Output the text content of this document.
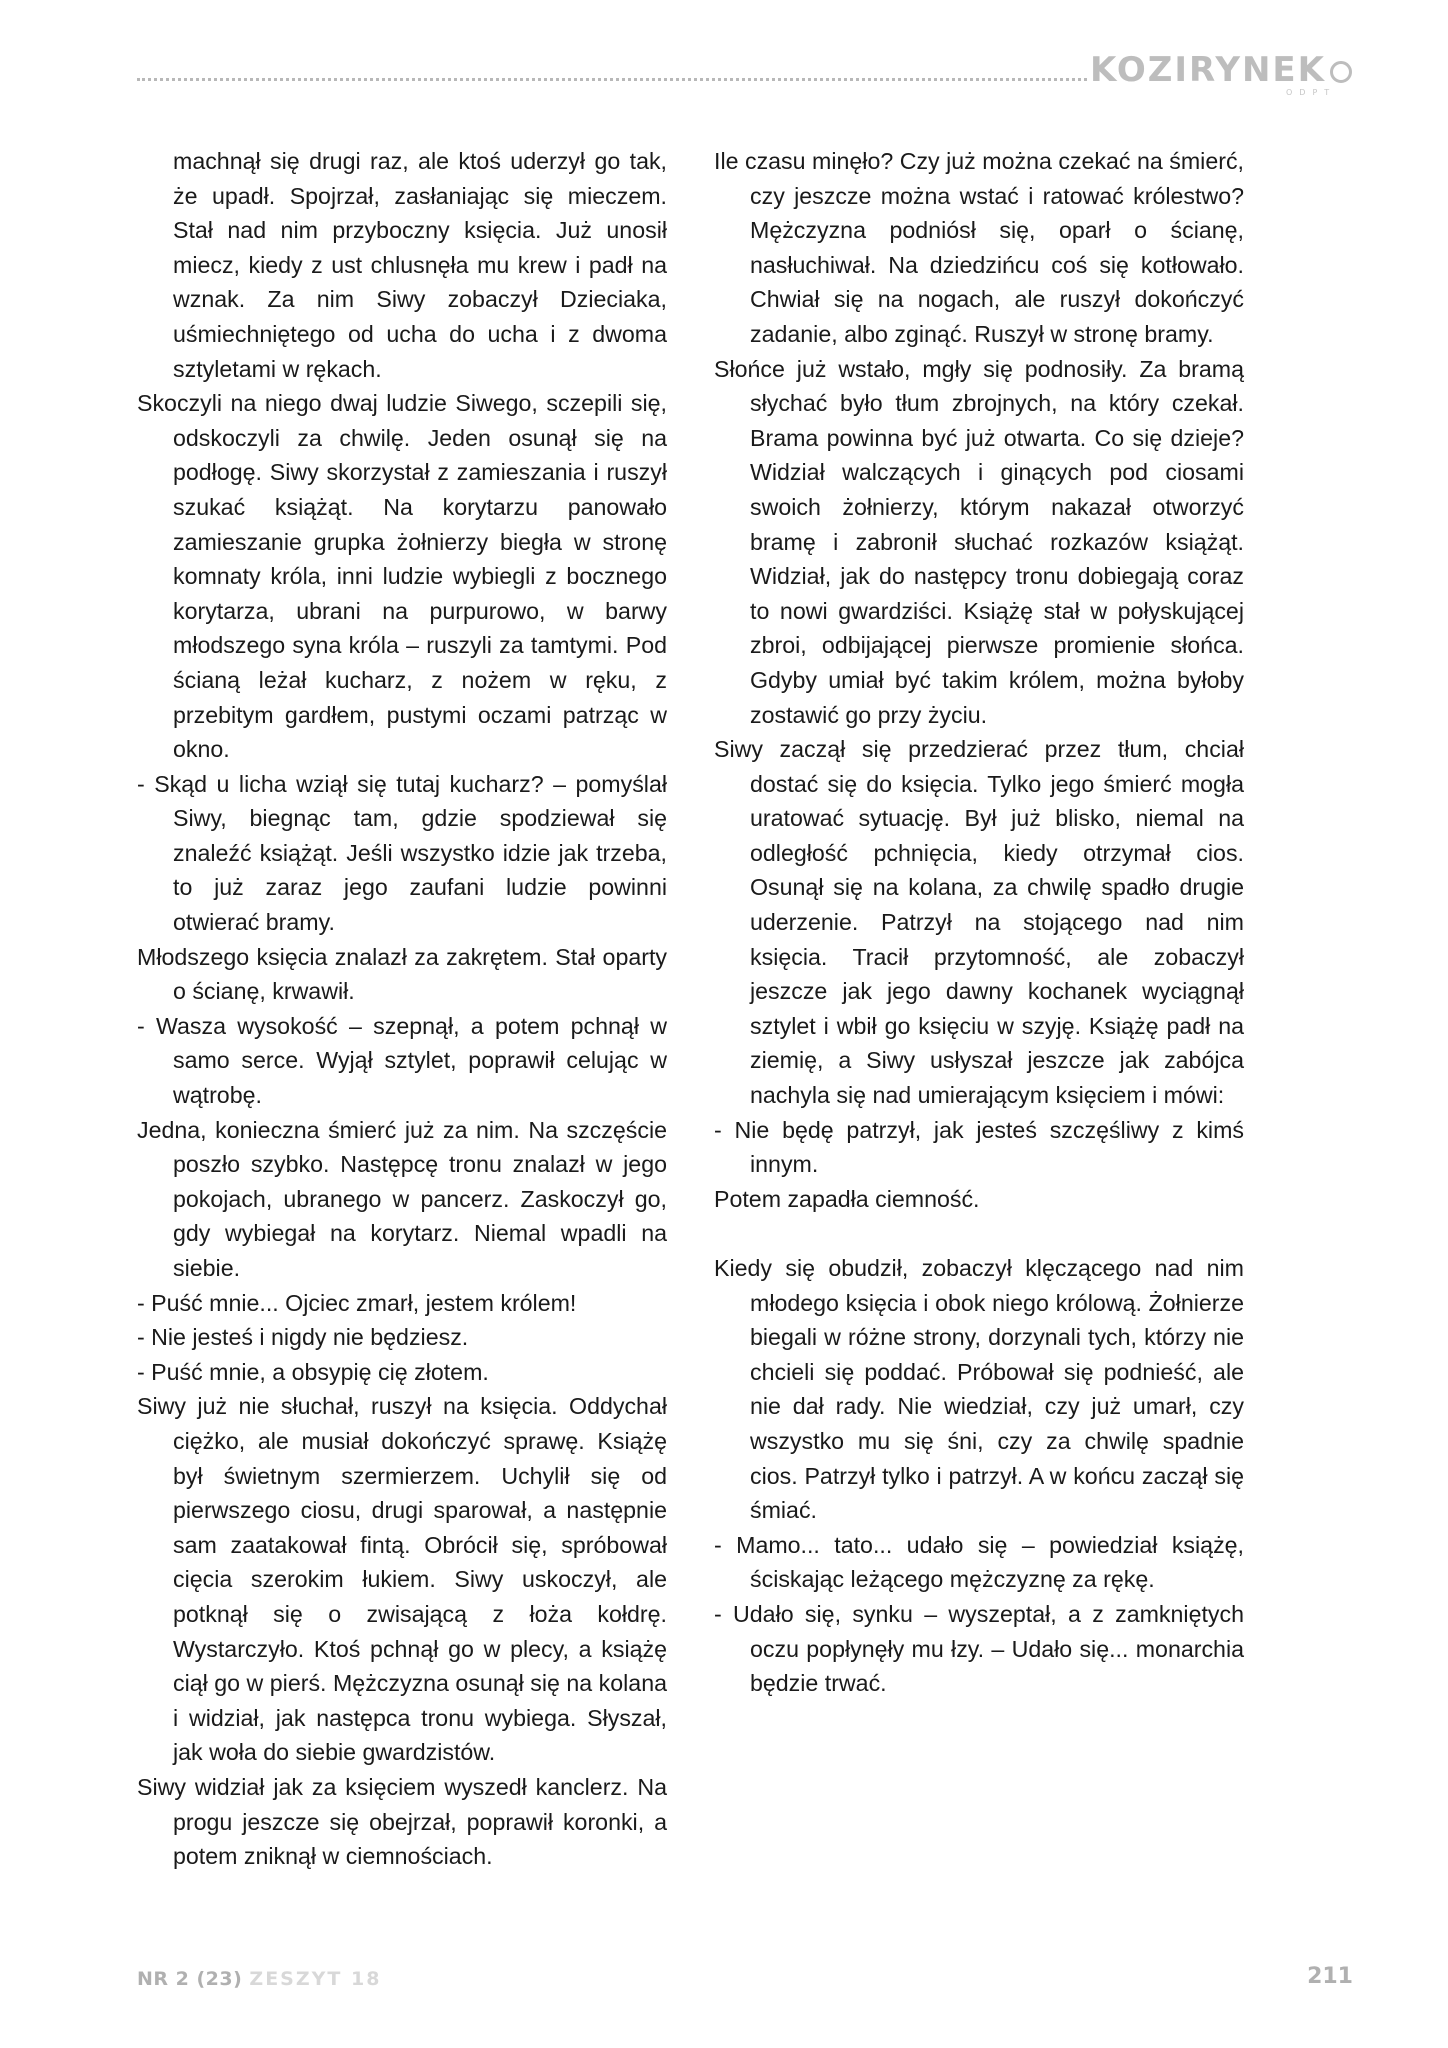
KOZIRYNEK
ODPT

machnął się drugi raz, ale ktoś uderzył go tak, że upadł. Spojrzał, zasłaniając się mieczem. Stał nad nim przyboczny księcia. Już unosił miecz, kiedy z ust chlusnęła mu krew i padł na wznak. Za nim Siwy zobaczył Dzieciaka, uśmiechniętego od ucha do ucha i z dwoma sztyletami w rękach.

Skoczyli na niego dwaj ludzie Siwego, sczepili się, odskoczyli za chwilę. Jeden osunął się na podłogę. Siwy skorzystał z zamieszania i ruszył szukać książąt. Na korytarzu panowało zamieszanie grupka żołnierzy biegła w stronę komnaty króla, inni ludzie wybiegli z bocznego korytarza, ubrani na purpurowo, w barwy młodszego syna króla – ruszyli za tamtymi. Pod ścianą leżał kucharz, z nożem w ręku, z przebitym gardłem, pustymi oczami patrząc w okno.

- Skąd u licha wziął się tutaj kucharz? – pomyślał Siwy, biegnąc tam, gdzie spodziewał się znaleźć książąt. Jeśli wszystko idzie jak trzeba, to już zaraz jego zaufani ludzie powinni otwierać bramy.

Młodszego księcia znalazł za zakrętem. Stał oparty o ścianę, krwawił.

- Wasza wysokość – szepnął, a potem pchnął w samo serce. Wyjął sztylet, poprawił celując w wątrobę.

Jedna, konieczna śmierć już za nim. Na szczęście poszło szybko. Następcę tronu znalazł w jego pokojach, ubranego w pancerz. Zaskoczył go, gdy wybiegał na korytarz. Niemal wpadli na siebie.

- Puść mnie... Ojciec zmarł, jestem królem!

- Nie jesteś i nigdy nie będziesz.

- Puść mnie, a obsypię cię złotem.

Siwy już nie słuchał, ruszył na księcia. Oddychał ciężko, ale musiał dokończyć sprawę. Książę był świetnym szermierzem. Uchylił się od pierwszego ciosu, drugi sparował, a następnie sam zaatakował fintą. Obrócił się, spróbował cięcia szerokim łukiem. Siwy uskoczył, ale potknął się o zwisającą z łoża kołdrę. Wystarczyło. Ktoś pchnął go w plecy, a książę ciął go w pierś. Mężczyzna osunął się na kolana i widział, jak następca tronu wybiega. Słyszał, jak woła do siebie gwardzistów.

Siwy widział jak za księciem wyszedł kanclerz. Na progu jeszcze się obejrzał, poprawił koronki, a potem zniknął w ciemnościach.

Ile czasu minęło? Czy już można czekać na śmierć, czy jeszcze można wstać i ratować królestwo? Mężczyzna podniósł się, oparł o ścianę, nasłuchiwał. Na dziedzińcu coś się kotłowało. Chwiał się na nogach, ale ruszył dokończyć zadanie, albo zginąć. Ruszył w stronę bramy.

Słońce już wstało, mgły się podnosiły. Za bramą słychać było tłum zbrojnych, na który czekał. Brama powinna być już otwarta. Co się dzieje? Widział walczących i ginących pod ciosami swoich żołnierzy, którym nakazał otworzyć bramę i zabronił słuchać rozkazów książąt. Widział, jak do następcy tronu dobiegają coraz to nowi gwardziści. Książę stał w połyskującej zbroi, odbijającej pierwsze promienie słońca. Gdyby umiał być takim królem, można byłoby zostawić go przy życiu.

Siwy zaczął się przedzierać przez tłum, chciał dostać się do księcia. Tylko jego śmierć mogła uratować sytuację. Był już blisko, niemal na odległość pchnięcia, kiedy otrzymał cios. Osunął się na kolana, za chwilę spadło drugie uderzenie. Patrzył na stojącego nad nim księcia. Tracił przytomność, ale zobaczył jeszcze jak jego dawny kochanek wyciągnął sztylet i wbił go księciu w szyję. Książę padł na ziemię, a Siwy usłyszał jeszcze jak zabójca nachyla się nad umierającym księciem i mówi:

- Nie będę patrzył, jak jesteś szczęśliwy z kimś innym.

Potem zapadła ciemność.

Kiedy się obudził, zobaczył klęczącego nad nim młodego księcia i obok niego królową. Żołnierze biegali w różne strony, dorzynali tych, którzy nie chcieli się poddać. Próbował się podnieść, ale nie dał rady. Nie wiedział, czy już umarł, czy wszystko mu się śni, czy za chwilę spadnie cios. Patrzył tylko i patrzył. A w końcu zaczął się śmiać.

- Mamo... tato... udało się – powiedział książę, ściskając leżącego mężczyznę za rękę.

- Udało się, synku – wyszeptał, a z zamkniętych oczu popłynęły mu łzy. – Udało się... monarchia będzie trwać.

NR 2 (23) ZESZYT 18	211
